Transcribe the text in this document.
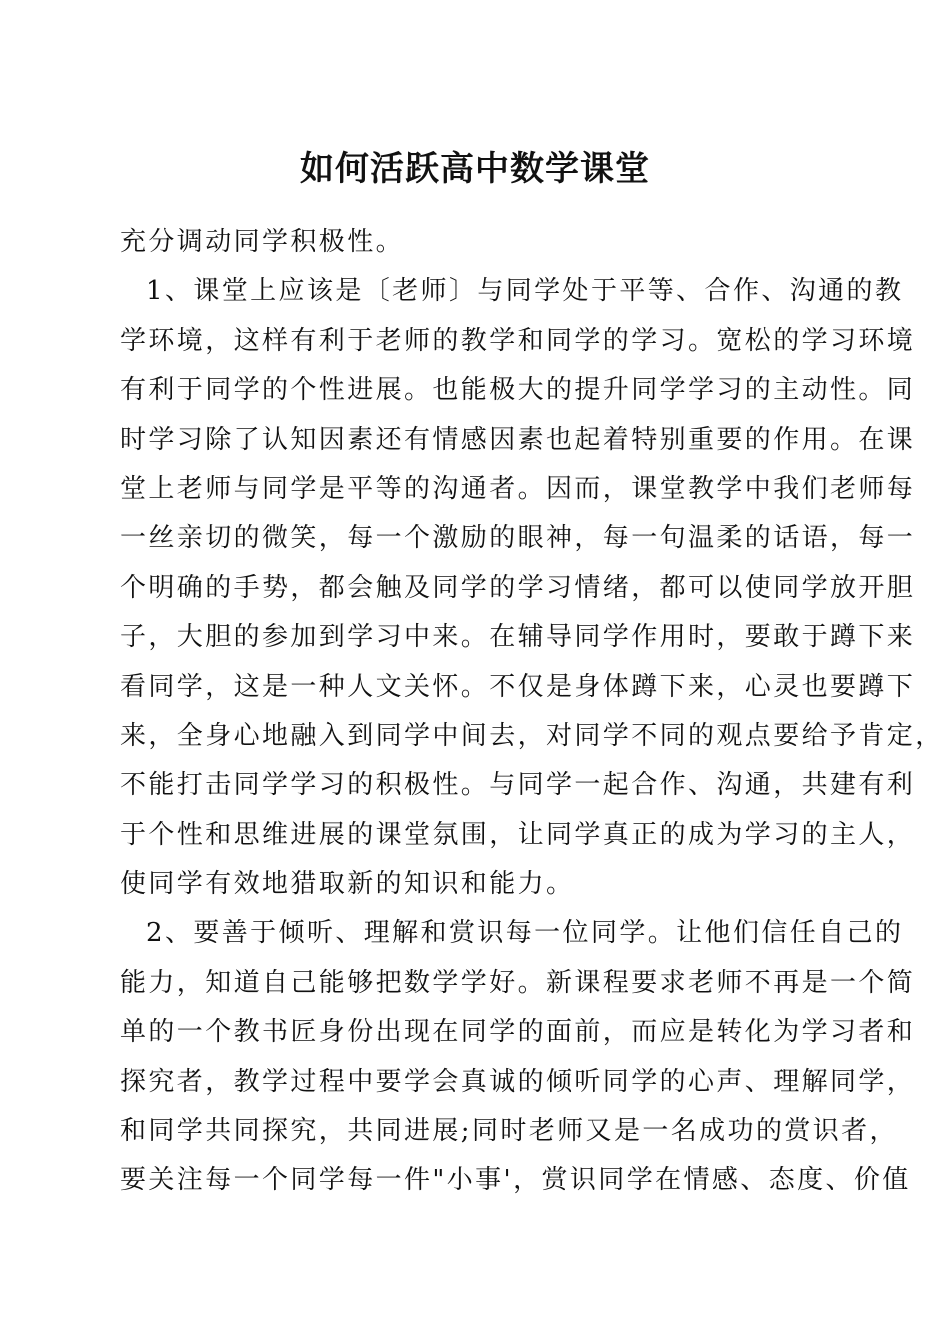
如何活跃高中数学课堂
充分调动同学积极性。
1、课堂上应该是〔老师〕与同学处于平等、合作、沟通的教
学环境，这样有利于老师的教学和同学的学习。宽松的学习环境
有利于同学的个性进展。也能极大的提升同学学习的主动性。同
时学习除了认知因素还有情感因素也起着特别重要的作用。在课
堂上老师与同学是平等的沟通者。因而，课堂教学中我们老师每
一丝亲切的微笑，每一个激励的眼神，每一句温柔的话语，每一
个明确的手势，都会触及同学的学习情绪，都可以使同学放开胆
子，大胆的参加到学习中来。在辅导同学作用时，要敢于蹲下来
看同学，这是一种人文关怀。不仅是身体蹲下来，心灵也要蹲下
来，全身心地融入到同学中间去，对同学不同的观点要给予肯定，
不能打击同学学习的积极性。与同学一起合作、沟通，共建有利
于个性和思维进展的课堂氛围，让同学真正的成为学习的主人，
使同学有效地猎取新的知识和能力。
2、要善于倾听、理解和赏识每一位同学。让他们信任自己的
能力，知道自己能够把数学学好。新课程要求老师不再是一个简
单的一个教书匠身份出现在同学的面前，而应是转化为学习者和
探究者，教学过程中要学会真诚的倾听同学的心声、理解同学，
和同学共同探究，共同进展;同时老师又是一名成功的赏识者，
要关注每一个同学每一件"小事'，赏识同学在情感、态度、价值
